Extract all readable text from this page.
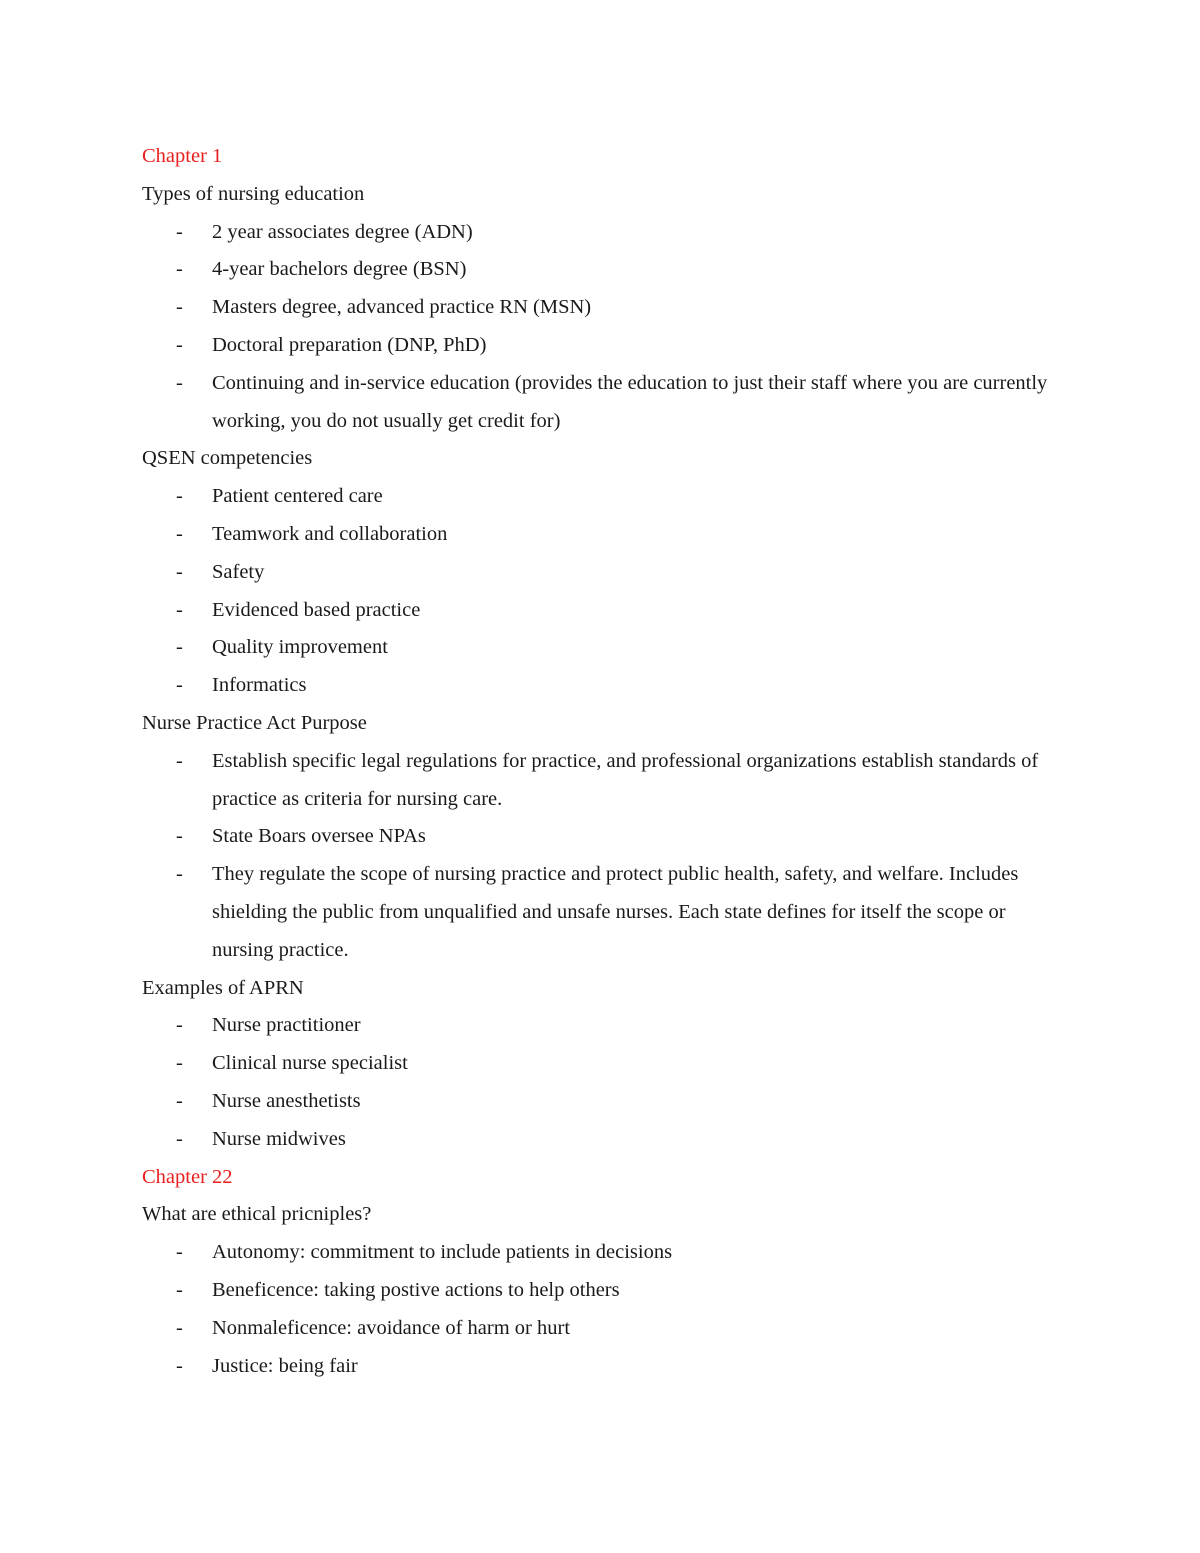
Chapter 1

Types of nursing education

- 2 year associates degree (ADN)
- 4-year bachelors degree (BSN)
- Masters degree, advanced practice RN (MSN)
- Doctoral preparation (DNP, PhD)
- Continuing and in-service education (provides the education to just their staff where you are currently working, you do not usually get credit for)

QSEN competencies

- Patient centered care
- Teamwork and collaboration
- Safety
- Evidenced based practice
- Quality improvement
- Informatics

Nurse Practice Act Purpose

- Establish specific legal regulations for practice, and professional organizations establish standards of practice as criteria for nursing care.
- State Boars oversee NPAs
- They regulate the scope of nursing practice and protect public health, safety, and welfare. Includes shielding the public from unqualified and unsafe nurses. Each state defines for itself the scope or nursing practice.

Examples of APRN

- Nurse practitioner
- Clinical nurse specialist
- Nurse anesthetists
- Nurse midwives

Chapter 22

What are ethical pricniples?

- Autonomy: commitment to include patients in decisions
- Beneficence: taking postive actions to help others
- Nonmaleficence: avoidance of harm or hurt
- Justice: being fair
